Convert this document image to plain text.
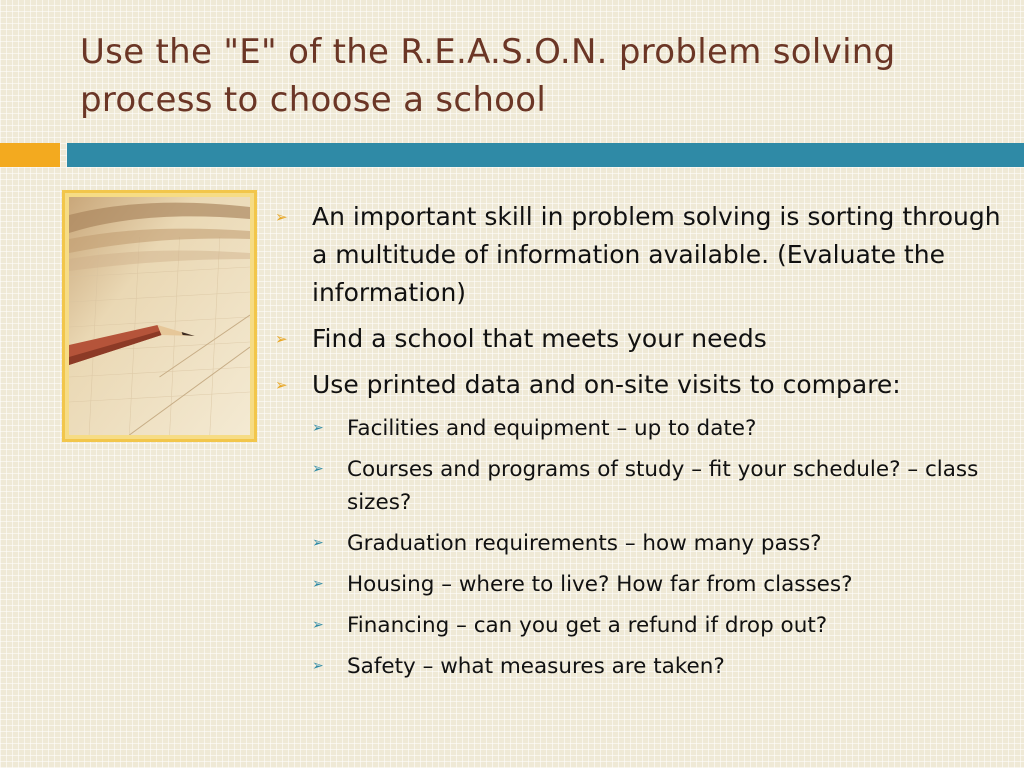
Use the "E" of the R.E.A.S.O.N. problem solving process to choose a school
➢ An important skill in problem solving is sorting through a multitude of information available. (Evaluate the information)
➢ Find a school that meets your needs
➢ Use printed data and on-site visits to compare:
➢ Facilities and equipment – up to date?
➢ Courses and programs of study – fit your schedule? – class sizes?
➢ Graduation requirements – how many pass?
➢ Housing – where to live? How far from classes?
➢ Financing – can you get a refund if drop out?
➢ Safety – what measures are taken?
